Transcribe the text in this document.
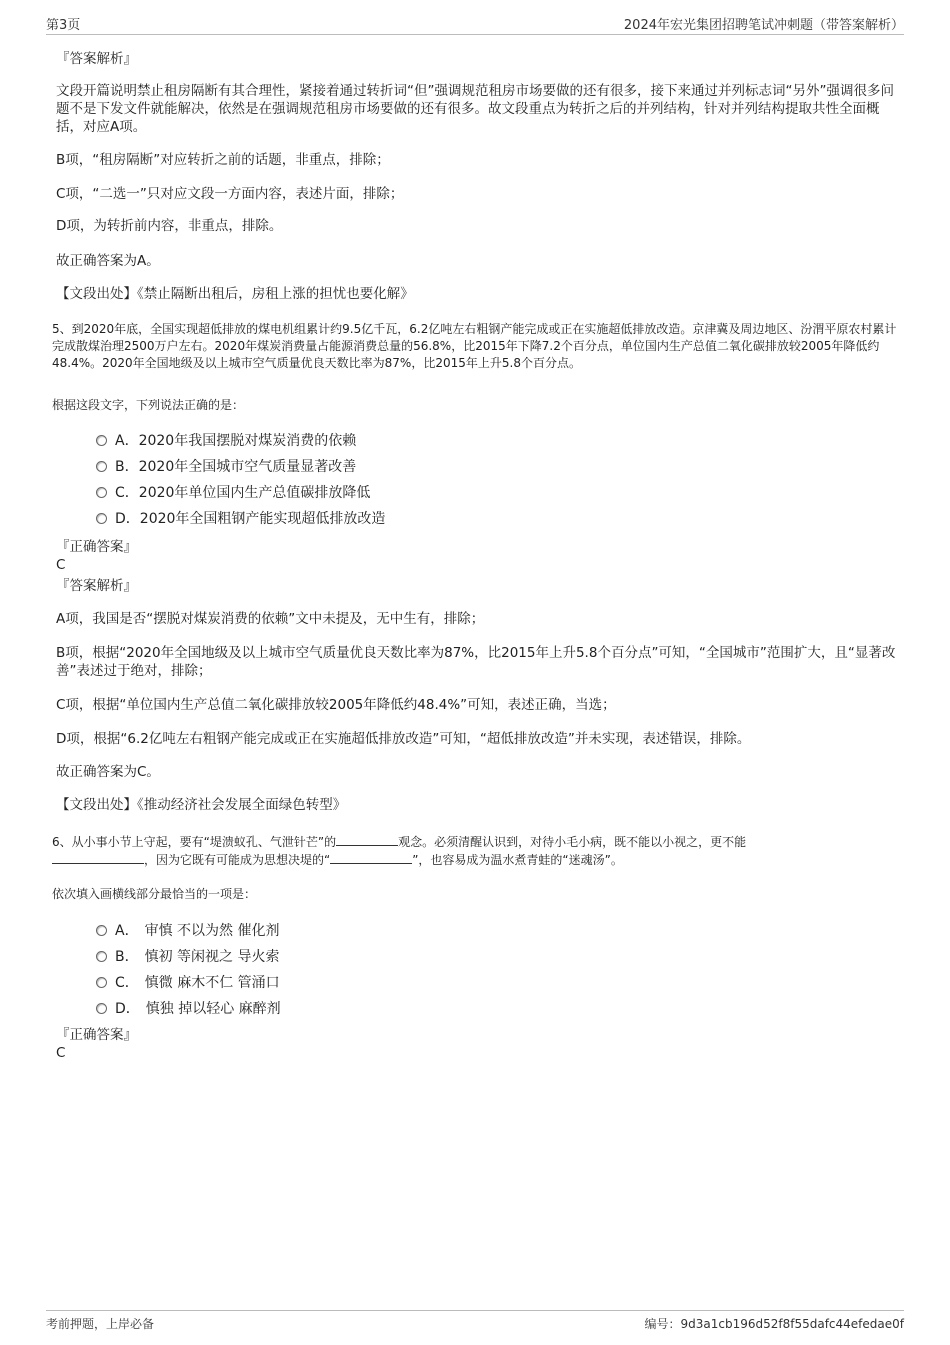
第3页	2024年宏光集团招聘笔试冲刺题（带答案解析）
『答案解析』
文段开篇说明禁止租房隔断有其合理性，紧接着通过转折词“但”强调规范租房市场要做的还有很多，接下来通过并列标志词“另外”强调很多问题不是下发文件就能解决，依然是在强调规范租房市场要做的还有很多。故文段重点为转折之后的并列结构，针对并列结构提取共性全面概括，对应A项。
B项，“租房隔断”对应转折之前的话题，非重点，排除；
C项，“二选一”只对应文段一方面内容，表述片面，排除；
D项，为转折前内容，非重点，排除。
故正确答案为A。
【文段出处】《禁止隔断出租后，房租上涨的担忧也要化解》
5、到2020年底，全国实现超低排放的煤电机组累计约9.5亿千瓦，6.2亿吨左右粗钢产能完成或正在实施超低排放改造。京津冀及周边地区、汾渭平原农村累计完成散煤治理2500万户左右。2020年煤炭消费量占能源消费总量的56.8%，比2015年下降7.2个百分点，单位国内生产总值二氧化碳排放较2005年降低约48.4%。2020年全国地级及以上城市空气质量优良天数比率为87%，比2015年上升5.8个百分点。
根据这段文字，下列说法正确的是：
A．2020年我国摆脱对煤炭消费的依赖
B．2020年全国城市空气质量显著改善
C．2020年单位国内生产总值碳排放降低
D．2020年全国粗钢产能实现超低排放改造
『正确答案』
C
『答案解析』
A项，我国是否“摆脱对煤炭消费的依赖”文中未提及，无中生有，排除；
B项，根据“2020年全国地级及以上城市空气质量优良天数比率为87%，比2015年上升5.8个百分点”可知，“全国城市”范围扩大，且“显著改善”表述过于绝对，排除；
C项，根据“单位国内生产总值二氧化碳排放较2005年降低约48.4%”可知，表述正确，当选；
D项，根据“6.2亿吨左右粗钢产能完成或正在实施超低排放改造”可知，“超低排放改造”并未实现，表述错误，排除。
故正确答案为C。
【文段出处】《推动经济社会发展全面绿色转型》
6、从小事小节上守起，要有“堤溃蚁孔、气泄针芒”的	观念。必须清醒认识到，对待小毛小病，既不能以小视之，更不能
，因为它既有可能成为思想决堤的“	”，也容易成为温水煮青蛙的“迷魂汤”。
依次填入画横线部分最恰当的一项是：
A． 审慎 不以为然 催化剂
B． 慎初 等闲视之 导火索
C． 慎微 麻木不仁 管涌口
D． 慎独 掉以轻心 麻醉剂
『正确答案』
C
考前押题，上岸必备	编号：9d3a1cb196d52f8f55dafc44efedae0f
